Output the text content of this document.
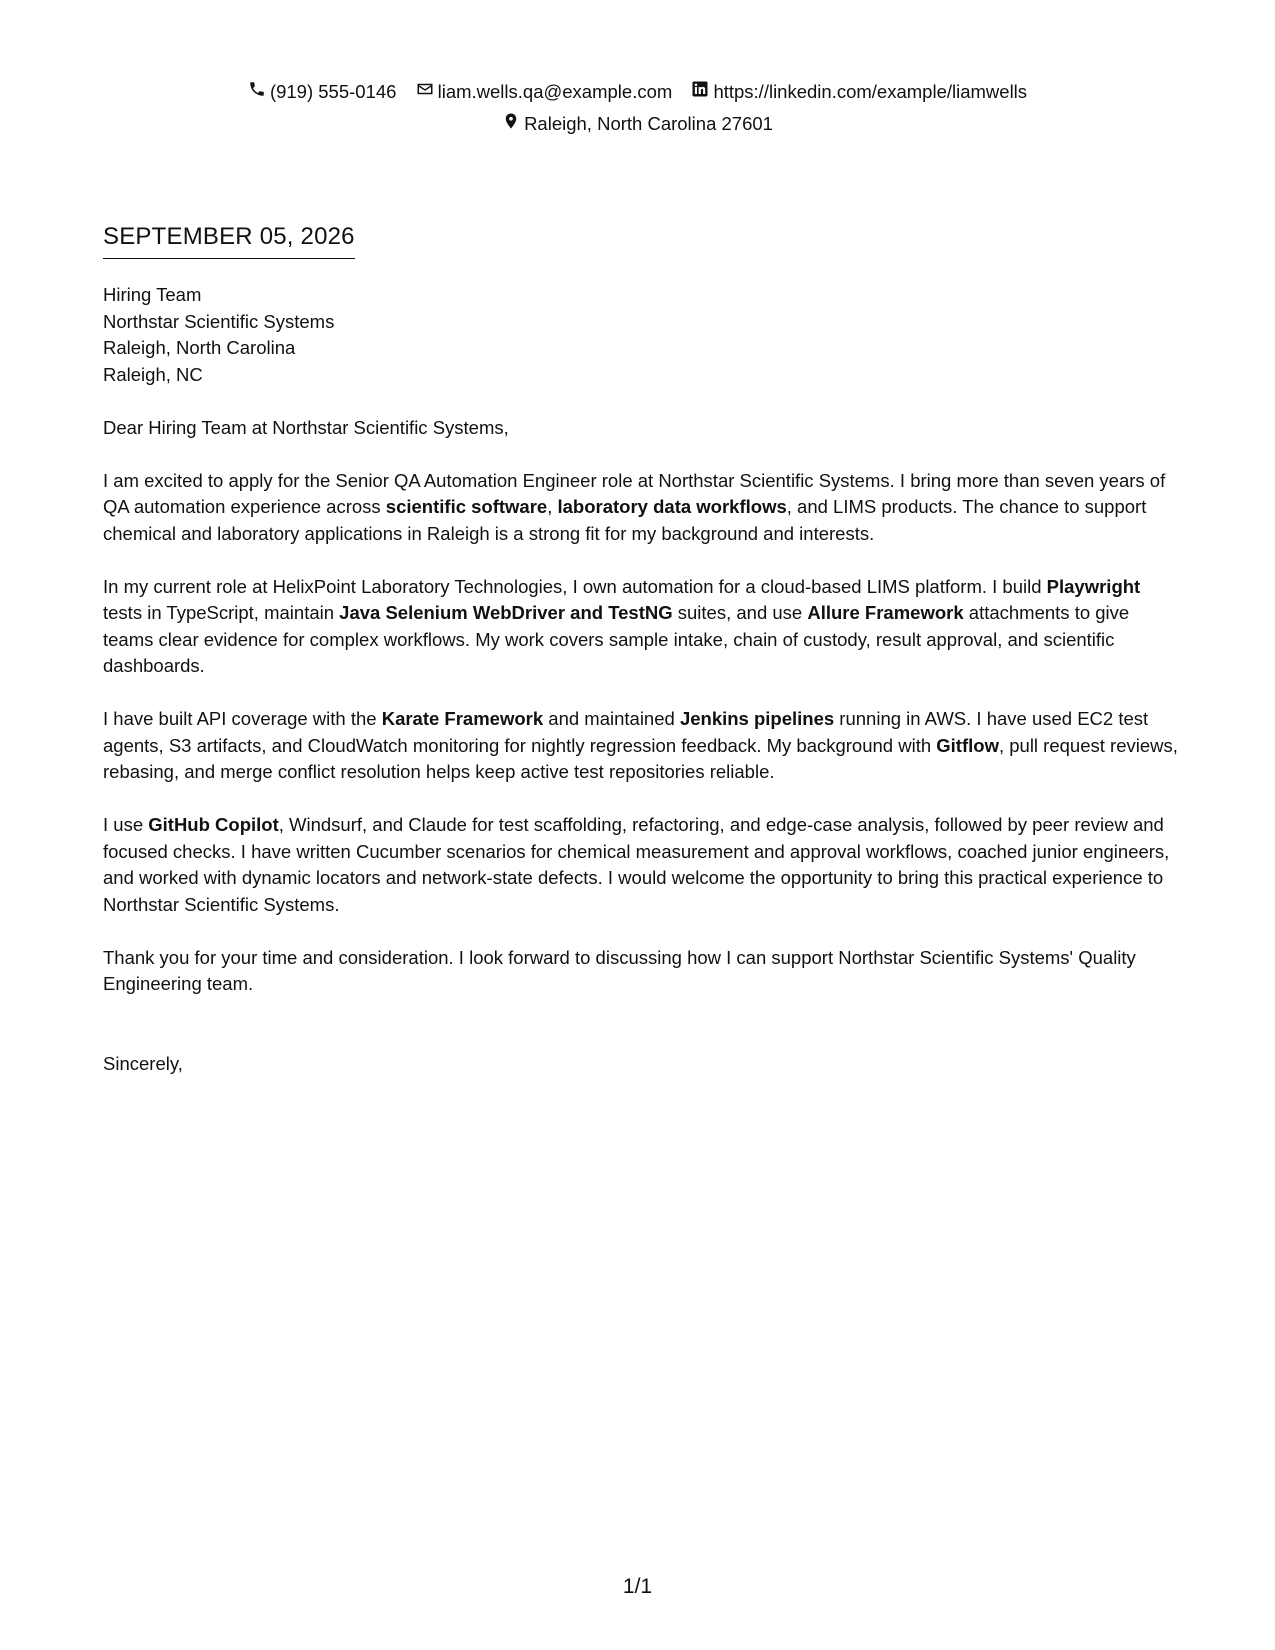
(919) 555-0146
liam.wells.qa@example.com
https://linkedin.com/example/liamwells
Raleigh, North Carolina 27601
SEPTEMBER 05, 2026
Hiring Team
Northstar Scientific Systems
Raleigh, North Carolina
Raleigh, NC

Dear Hiring Team at Northstar Scientific Systems,

I am excited to apply for the Senior QA Automation Engineer role at Northstar Scientific Systems. I bring more than seven years of QA automation experience across scientific software, laboratory data workflows, and LIMS products. The chance to support chemical and laboratory applications in Raleigh is a strong fit for my background and interests.

In my current role at HelixPoint Laboratory Technologies, I own automation for a cloud-based LIMS platform. I build Playwright tests in TypeScript, maintain Java Selenium WebDriver and TestNG suites, and use Allure Framework attachments to give teams clear evidence for complex workflows. My work covers sample intake, chain of custody, result approval, and scientific dashboards.

I have built API coverage with the Karate Framework and maintained Jenkins pipelines running in AWS. I have used EC2 test agents, S3 artifacts, and CloudWatch monitoring for nightly regression feedback. My background with Gitflow, pull request reviews, rebasing, and merge conflict resolution helps keep active test repositories reliable.

I use GitHub Copilot, Windsurf, and Claude for test scaffolding, refactoring, and edge-case analysis, followed by peer review and focused checks. I have written Cucumber scenarios for chemical measurement and approval workflows, coached junior engineers, and worked with dynamic locators and network-state defects. I would welcome the opportunity to bring this practical experience to Northstar Scientific Systems.

Thank you for your time and consideration. I look forward to discussing how I can support Northstar Scientific Systems' Quality Engineering team.

Sincerely,

1/1
